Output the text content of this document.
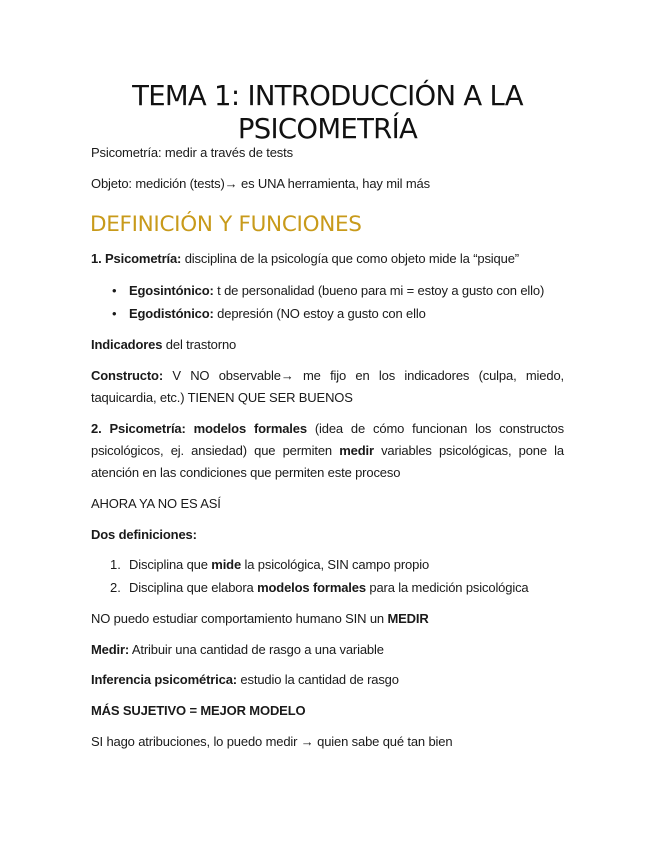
TEMA 1: INTRODUCCIÓN A LA
PSICOMETRÍA

Psicometría: medir a través de tests

Objeto: medición (tests)→ es UNA herramienta, hay mil más

DEFINICIÓN Y FUNCIONES

1. Psicometría: disciplina de la psicología que como objeto mide la “psique”

• Egosintónico: t de personalidad (bueno para mi = estoy a gusto con ello)

• Egodistónico: depresión (NO estoy a gusto con ello

Indicadores del trastorno

Constructo: V NO observable→ me fijo en los indicadores (culpa, miedo, taquicardia, etc.) TIENEN QUE SER BUENOS

2. Psicometría: modelos formales (idea de cómo funcionan los constructos psicológicos, ej. ansiedad) que permiten medir variables psicológicas, pone la atención en las condiciones que permiten este proceso

AHORA YA NO ES ASÍ

Dos definiciones:

1. Disciplina que mide la psicológica, SIN campo propio

2. Disciplina que elabora modelos formales para la medición psicológica

NO puedo estudiar comportamiento humano SIN un MEDIR

Medir: Atribuir una cantidad de rasgo a una variable

Inferencia psicométrica: estudio la cantidad de rasgo

MÁS SUJETIVO = MEJOR MODELO

SI hago atribuciones, lo puedo medir → quien sabe qué tan bien
